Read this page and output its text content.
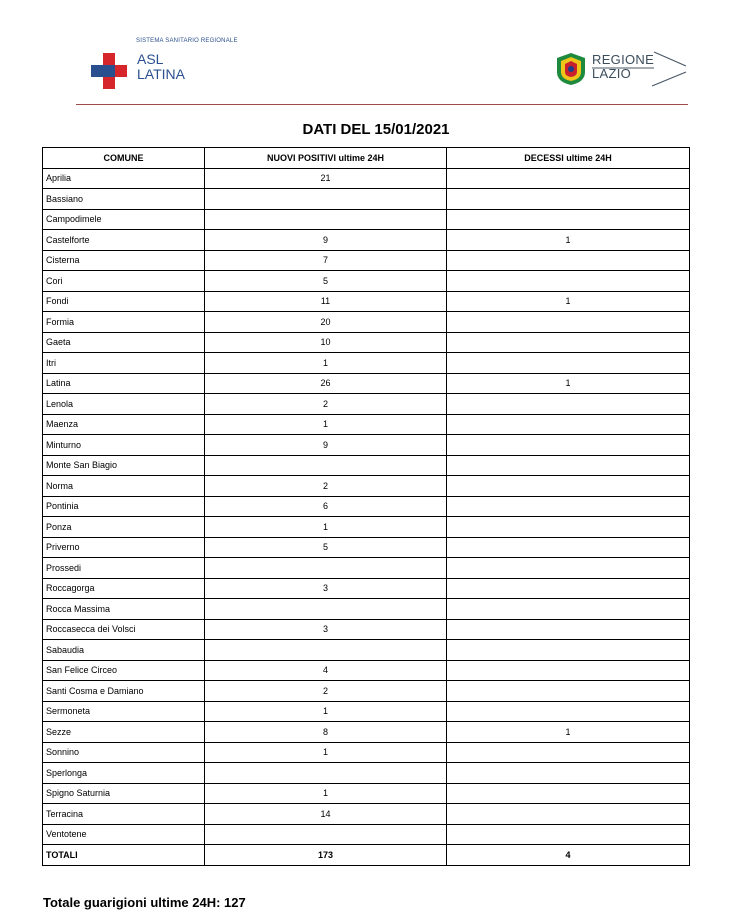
SISTEMA SANITARIO REGIONALE
ASL
LATINA
REGIONE
LAZIO
DATI DEL 15/01/2021
COMUNE	NUOVI POSITIVI ultime 24H	DECESSI ultime 24H
Aprilia	21	
Bassiano		
Campodimele		
Castelforte	9	1
Cisterna	7	
Cori	5	
Fondi	11	1
Formia	20	
Gaeta	10	
Itri	1	
Latina	26	1
Lenola	2	
Maenza	1	
Minturno	9	
Monte San Biagio		
Norma	2	
Pontinia	6	
Ponza	1	
Priverno	5	
Prossedi		
Roccagorga	3	
Rocca Massima		
Roccasecca dei Volsci	3	
Sabaudia		
San Felice Circeo	4	
Santi Cosma e Damiano	2	
Sermoneta	1	
Sezze	8	1
Sonnino	1	
Sperlonga		
Spigno Saturnia	1	
Terracina	14	
Ventotene		
TOTALI	173	4
Totale guarigioni ultime 24H: 127
